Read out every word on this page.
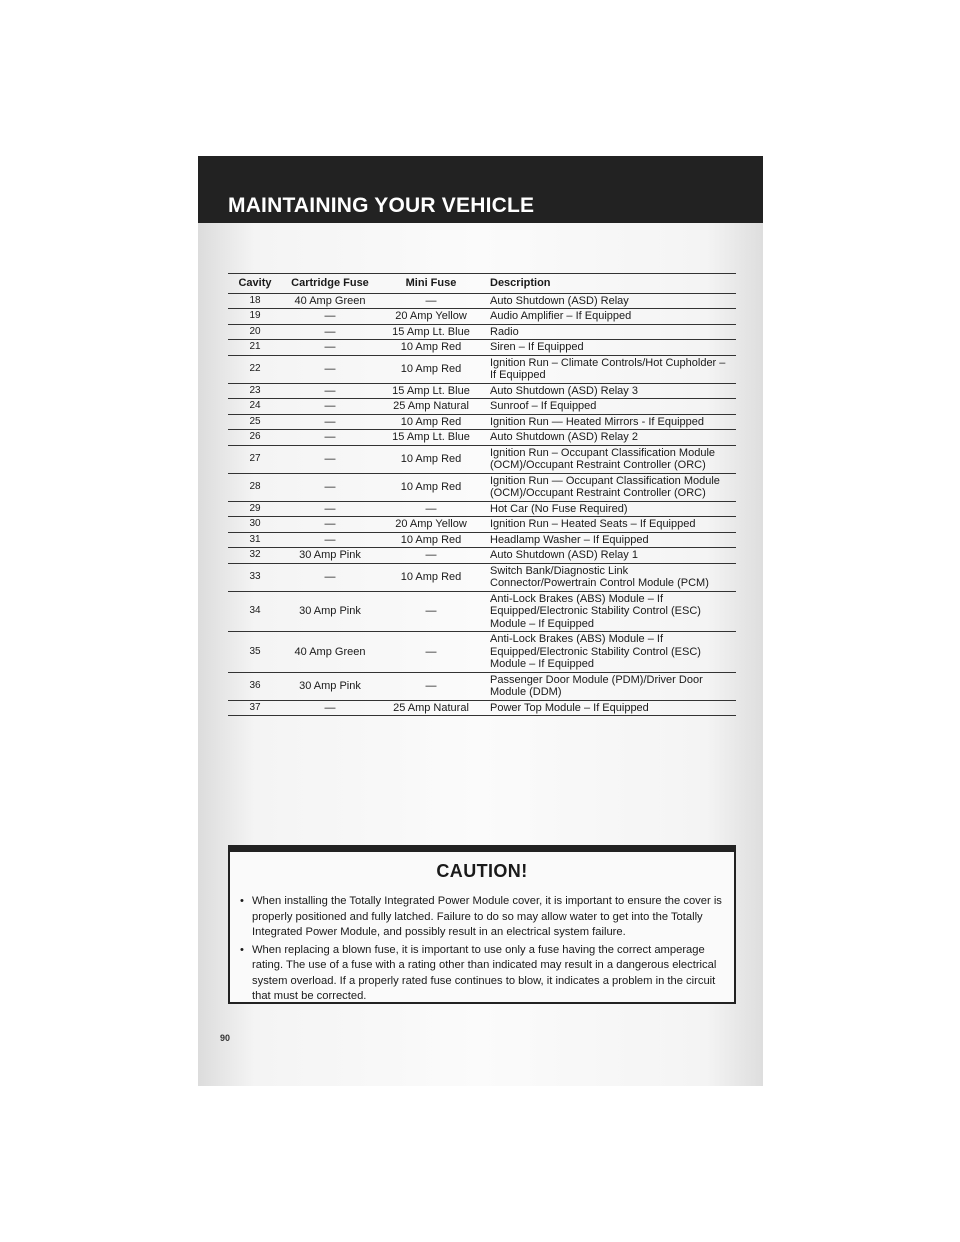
MAINTAINING YOUR VEHICLE
Cavity	Cartridge Fuse	Mini Fuse	Description
18	40 Amp Green	—	Auto Shutdown (ASD) Relay
19	—	20 Amp Yellow	Audio Amplifier – If Equipped
20	—	15 Amp Lt. Blue	Radio
21	—	10 Amp Red	Siren – If Equipped
22	—	10 Amp Red	Ignition Run – Climate Controls/Hot Cupholder – If Equipped
23	—	15 Amp Lt. Blue	Auto Shutdown (ASD) Relay 3
24	—	25 Amp Natural	Sunroof – If Equipped
25	—	10 Amp Red	Ignition Run — Heated Mirrors - If Equipped
26	—	15 Amp Lt. Blue	Auto Shutdown (ASD) Relay 2
27	—	10 Amp Red	Ignition Run – Occupant Classification Module (OCM)/Occupant Restraint Controller (ORC)
28	—	10 Amp Red	Ignition Run — Occupant Classification Module (OCM)/Occupant Restraint Controller (ORC)
29	—	—	Hot Car (No Fuse Required)
30	—	20 Amp Yellow	Ignition Run – Heated Seats – If Equipped
31	—	10 Amp Red	Headlamp Washer – If Equipped
32	30 Amp Pink	—	Auto Shutdown (ASD) Relay 1
33	—	10 Amp Red	Switch Bank/Diagnostic Link Connector/Powertrain Control Module (PCM)
34	30 Amp Pink	—	Anti-Lock Brakes (ABS) Module – If Equipped/Electronic Stability Control (ESC) Module – If Equipped
35	40 Amp Green	—	Anti-Lock Brakes (ABS) Module – If Equipped/Electronic Stability Control (ESC) Module – If Equipped
36	30 Amp Pink	—	Passenger Door Module (PDM)/Driver Door Module (DDM)
37	—	25 Amp Natural	Power Top Module – If Equipped
CAUTION!
• When installing the Totally Integrated Power Module cover, it is important to ensure the cover is properly positioned and fully latched. Failure to do so may allow water to get into the Totally Integrated Power Module, and possibly result in an electrical system failure.
• When replacing a blown fuse, it is important to use only a fuse having the correct amperage rating. The use of a fuse with a rating other than indicated may result in a dangerous electrical system overload. If a properly rated fuse continues to blow, it indicates a problem in the circuit that must be corrected.
90
